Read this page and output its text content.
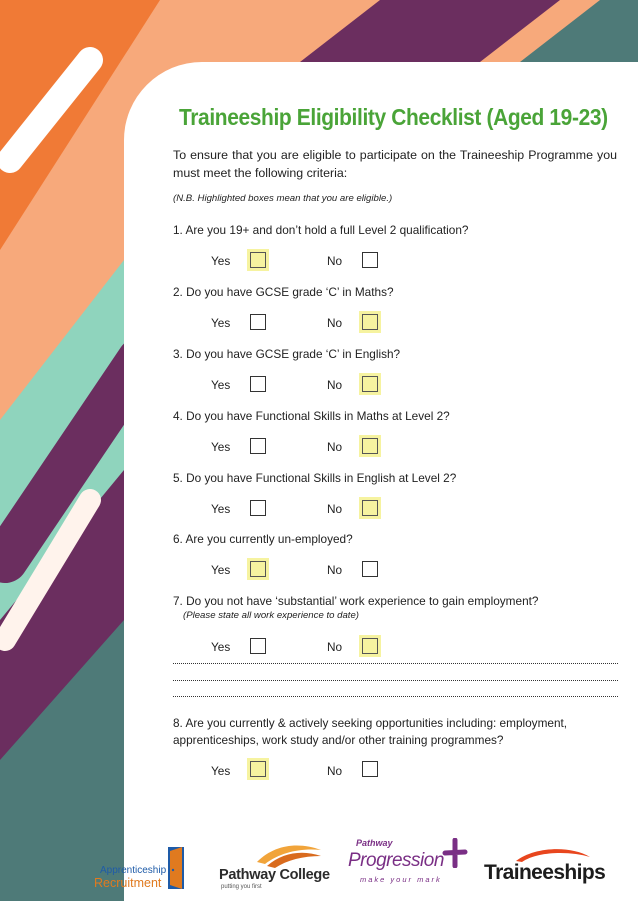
Traineeship Eligibility Checklist (Aged 19-23)
To ensure that you are eligible to participate on the Traineeship Programme you must meet the following criteria:
(N.B. Highlighted boxes mean that you are eligible.)
1. Are you 19+ and don’t hold a full Level 2 qualification?
Yes	No
2. Do you have GCSE grade ‘C’ in Maths?
Yes	No
3. Do you have GCSE grade ‘C’ in English?
Yes	No
4. Do you have Functional Skills in Maths at Level 2?
Yes	No
5. Do you have Functional Skills in English at Level 2?
Yes	No
6. Are you currently un-employed?
Yes	No
7. Do you not have ‘substantial’ work experience to gain employment?
(Please state all work experience to date)
Yes	No
8. Are you currently & actively seeking opportunities including: employment, apprenticeships, work study and/or other training programmes?
Yes	No
Apprenticeship
Recruitment	Pathway College
putting you first
Pathway
Progression
make your mark Traineeships
